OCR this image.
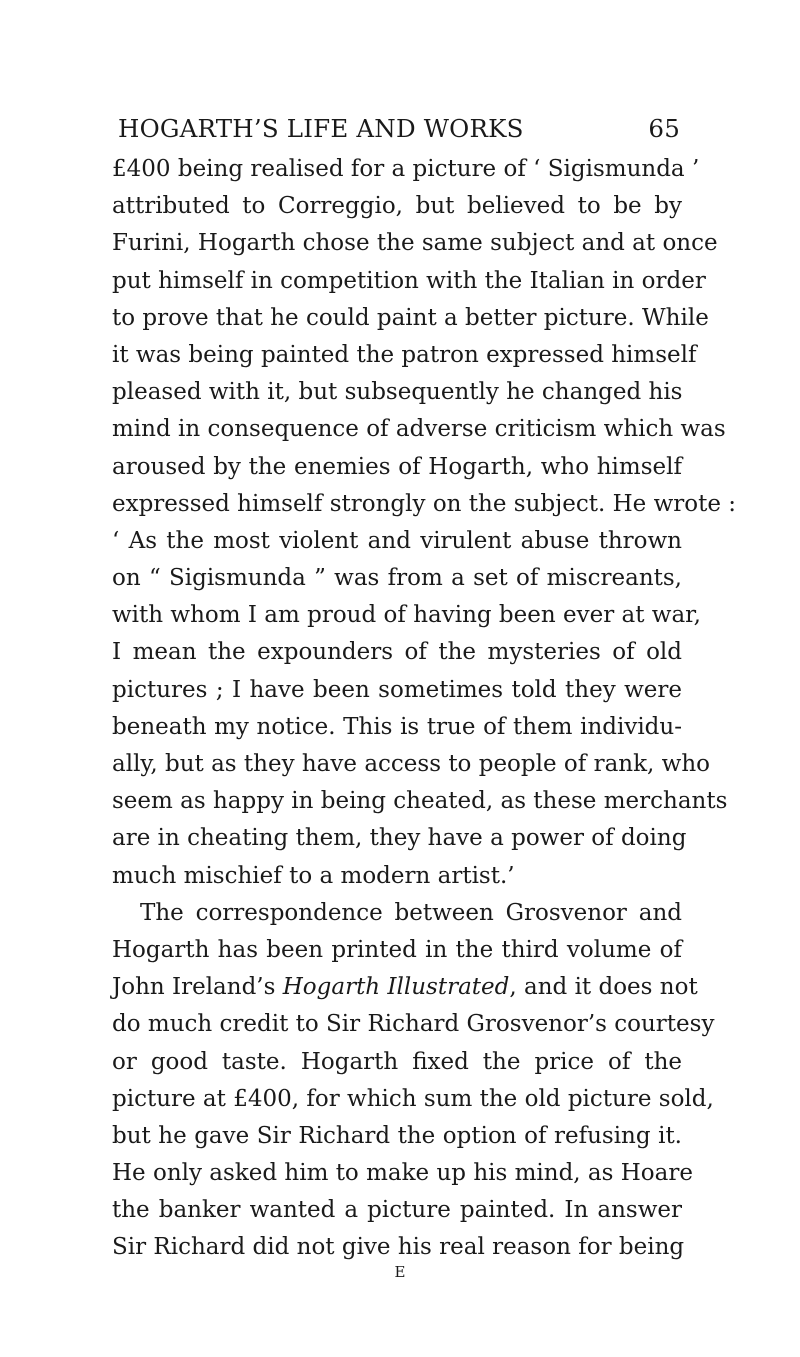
HOGARTH’S LIFE AND WORKS	65
£400 being realised for a picture of ‘ Sigismunda ’
attributed to Correggio, but believed to be by
Furini, Hogarth chose the same subject and at once
put himself in competition with the Italian in order
to prove that he could paint a better picture. While
it was being painted the patron expressed himself
pleased with it, but subsequently he changed his
mind in consequence of adverse criticism which was
aroused by the enemies of Hogarth, who himself
expressed himself strongly on the subject. He wrote :
‘ As the most violent and virulent abuse thrown
on “ Sigismunda ” was from a set of miscreants,
with whom I am proud of having been ever at war,
I mean the expounders of the mysteries of old
pictures ; I have been sometimes told they were
beneath my notice. This is true of them individu-
ally, but as they have access to people of rank, who
seem as happy in being cheated, as these merchants
are in cheating them, they have a power of doing
much mischief to a modern artist.’
The correspondence between Grosvenor and
Hogarth has been printed in the third volume of
John Ireland’s Hogarth Illustrated, and it does not
do much credit to Sir Richard Grosvenor’s courtesy
or good taste. Hogarth fixed the price of the
picture at £400, for which sum the old picture sold,
but he gave Sir Richard the option of refusing it.
He only asked him to make up his mind, as Hoare
the banker wanted a picture painted. In answer
Sir Richard did not give his real reason for being
E
